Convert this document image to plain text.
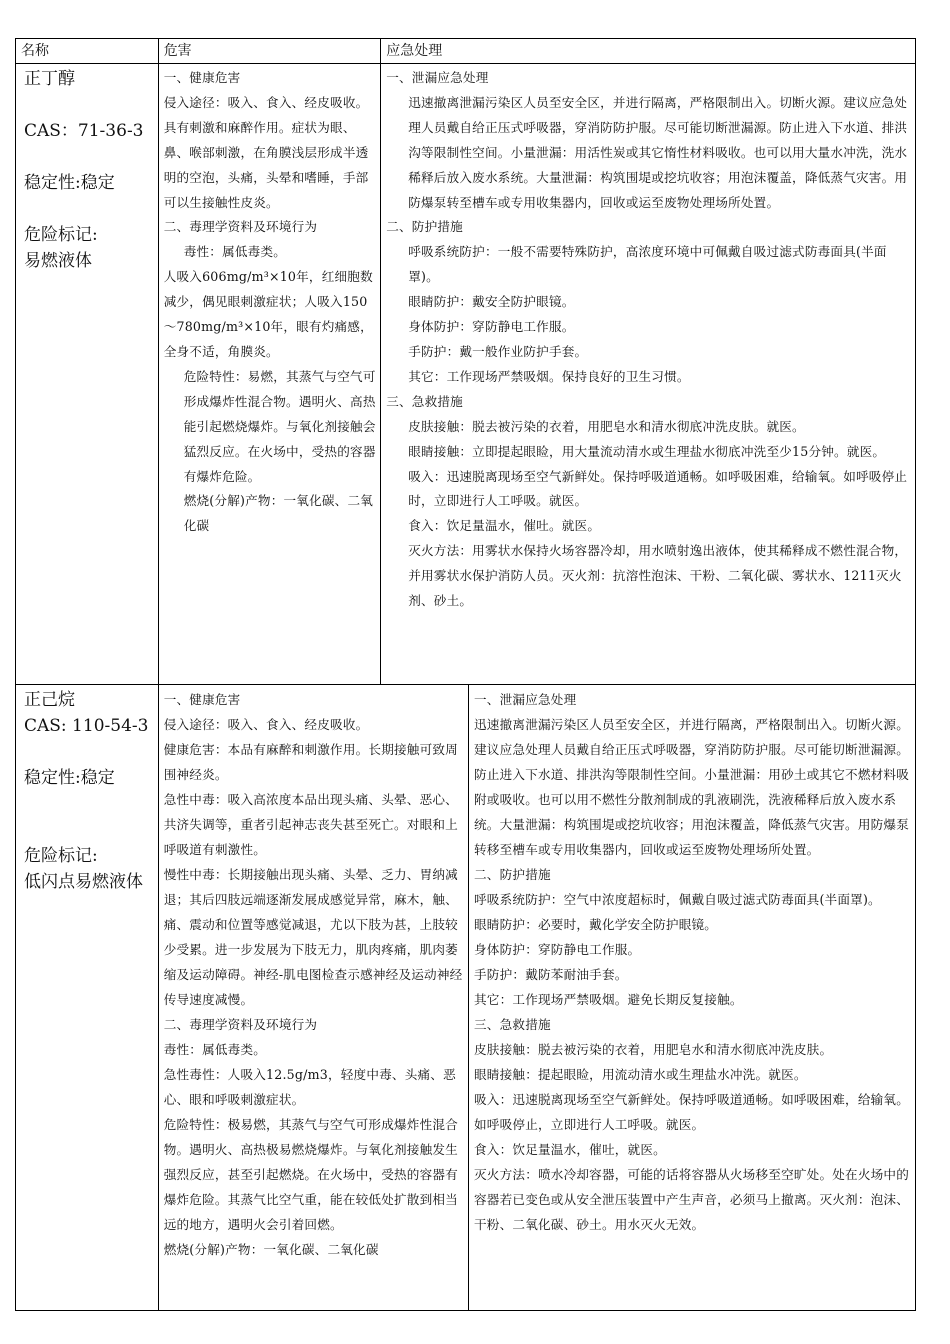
名称	危害	应急处理
正丁醇
CAS：71-36-3
稳定性:稳定
危险标记:
易燃液体
一、健康危害
侵入途径：吸入、食入、经皮吸收。具有刺激和麻醉作用。症状为眼、鼻、喉部刺激，在角膜浅层形成半透明的空泡，头痛，头晕和嗜睡，手部可以生接触性皮炎。
二、毒理学资料及环境行为
毒性：属低毒类。
人吸入606mg/m³×10年，红细胞数减少，偶见眼刺激症状；人吸入150～780mg/m³×10年，眼有灼痛感，全身不适，角膜炎。
危险特性：易燃，其蒸气与空气可形成爆炸性混合物。遇明火、高热能引起燃烧爆炸。与氧化剂接触会猛烈反应。在火场中，受热的容器有爆炸危险。
燃烧(分解)产物：一氧化碳、二氧化碳
一、泄漏应急处理
迅速撤离泄漏污染区人员至安全区，并进行隔离，严格限制出入。切断火源。建议应急处理人员戴自给正压式呼吸器，穿消防防护服。尽可能切断泄漏源。防止进入下水道、排洪沟等限制性空间。小量泄漏：用活性炭或其它惰性材料吸收。也可以用大量水冲洗，洗水稀释后放入废水系统。大量泄漏：构筑围堤或挖坑收容；用泡沫覆盖，降低蒸气灾害。用防爆泵转至槽车或专用收集器内，回收或运至废物处理场所处置。
二、防护措施
呼吸系统防护：一般不需要特殊防护，高浓度环境中可佩戴自吸过滤式防毒面具(半面罩)。
眼睛防护：戴安全防护眼镜。
身体防护：穿防静电工作服。
手防护：戴一般作业防护手套。
其它：工作现场严禁吸烟。保持良好的卫生习惯。
三、急救措施
皮肤接触：脱去被污染的衣着，用肥皂水和清水彻底冲洗皮肤。就医。
眼睛接触：立即提起眼睑，用大量流动清水或生理盐水彻底冲洗至少15分钟。就医。
吸入：迅速脱离现场至空气新鲜处。保持呼吸道通畅。如呼吸困难，给输氧。如呼吸停止时，立即进行人工呼吸。就医。
食入：饮足量温水，催吐。就医。
灭火方法：用雾状水保持火场容器冷却，用水喷射逸出液体，使其稀释成不燃性混合物，并用雾状水保护消防人员。灭火剂：抗溶性泡沫、干粉、二氧化碳、雾状水、1211灭火剂、砂土。
正己烷
CAS: 110-54-3
稳定性:稳定
危险标记:
低闪点易燃液体
一、健康危害
侵入途径：吸入、食入、经皮吸收。
健康危害：本品有麻醉和刺激作用。长期接触可致周围神经炎。
急性中毒：吸入高浓度本品出现头痛、头晕、恶心、共济失调等，重者引起神志丧失甚至死亡。对眼和上呼吸道有刺激性。
慢性中毒：长期接触出现头痛、头晕、乏力、胃纳减退；其后四肢远端逐渐发展成感觉异常，麻木，触、痛、震动和位置等感觉减退，尤以下肢为甚，上肢较少受累。进一步发展为下肢无力，肌肉疼痛，肌肉萎缩及运动障碍。神经-肌电图检查示感神经及运动神经传导速度减慢。
二、毒理学资料及环境行为
毒性：属低毒类。
急性毒性：人吸入12.5g/m3，轻度中毒、头痛、恶心、眼和呼吸刺激症状。
危险特性：极易燃，其蒸气与空气可形成爆炸性混合物。遇明火、高热极易燃烧爆炸。与氧化剂接触发生强烈反应，甚至引起燃烧。在火场中，受热的容器有爆炸危险。其蒸气比空气重，能在较低处扩散到相当远的地方，遇明火会引着回燃。
燃烧(分解)产物：一氧化碳、二氧化碳
一、泄漏应急处理
迅速撤离泄漏污染区人员至安全区，并进行隔离，严格限制出入。切断火源。建议应急处理人员戴自给正压式呼吸器，穿消防防护服。尽可能切断泄漏源。防止进入下水道、排洪沟等限制性空间。小量泄漏：用砂土或其它不燃材料吸附或吸收。也可以用不燃性分散剂制成的乳液刷洗，洗液稀释后放入废水系统。大量泄漏：构筑围堤或挖坑收容；用泡沫覆盖，降低蒸气灾害。用防爆泵转移至槽车或专用收集器内，回收或运至废物处理场所处置。
二、防护措施
呼吸系统防护：空气中浓度超标时，佩戴自吸过滤式防毒面具(半面罩)。
眼睛防护：必要时，戴化学安全防护眼镜。
身体防护：穿防静电工作服。
手防护：戴防苯耐油手套。
其它：工作现场严禁吸烟。避免长期反复接触。
三、急救措施
皮肤接触：脱去被污染的衣着，用肥皂水和清水彻底冲洗皮肤。
眼睛接触：提起眼睑，用流动清水或生理盐水冲洗。就医。
吸入：迅速脱离现场至空气新鲜处。保持呼吸道通畅。如呼吸困难，给输氧。如呼吸停止，立即进行人工呼吸。就医。
食入：饮足量温水，催吐，就医。
灭火方法：喷水冷却容器，可能的话将容器从火场移至空旷处。处在火场中的容器若已变色或从安全泄压装置中产生声音，必须马上撤离。灭火剂：泡沫、干粉、二氧化碳、砂土。用水灭火无效。
